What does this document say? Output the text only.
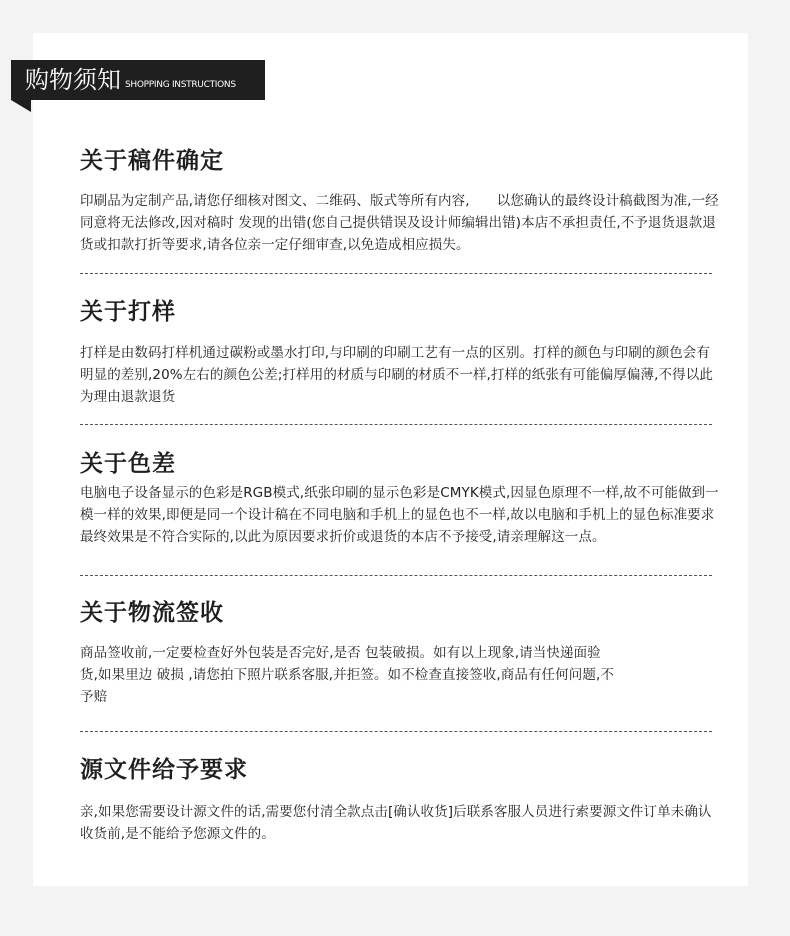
购物须知 SHOPPING INSTRUCTIONS
关于稿件确定

印刷品为定制产品,请您仔细核对图文、二维码、版式等所有内容,　　以您确认的最终设计稿截图为准,一经同意将无法修改,因对稿时 发现的出错(您自己提供错误及设计师编辑出错)本店不承担责任,不予退货退款退货或扣款打折等要求,请各位亲一定仔细审查,以免造成相应损失。

关于打样

打样是由数码打样机通过碳粉或墨水打印,与印刷的印刷工艺有一点的区别。打样的颜色与印刷的颜色会有明显的差别,20%左右的颜色公差;打样用的材质与印刷的材质不一样,打样的纸张有可能偏厚偏薄,不得以此为理由退款退货

关于色差

电脑电子设备显示的色彩是RGB模式,纸张印刷的显示色彩是CMYK模式,因显色原理不一样,故不可能做到一模一样的效果,即便是同一个设计稿在不同电脑和手机上的显色也不一样,故以电脑和手机上的显色标准要求最终效果是不符合实际的,以此为原因要求折价或退货的本店不予接受,请亲理解这一点。

关于物流签收

商品签收前,一定要检查好外包装是否完好,是否 包装破损。如有以上现象,请当快递面验
货,如果里边 破损 ,请您拍下照片联系客服,并拒签。如不检查直接签收,商品有任何问题,不
予赔

源文件给予要求

亲,如果您需要设计源文件的话,需要您付清全款点击[确认收货]后联系客服人员进行索要源文件订单未确认收货前,是不能给予您源文件的。
